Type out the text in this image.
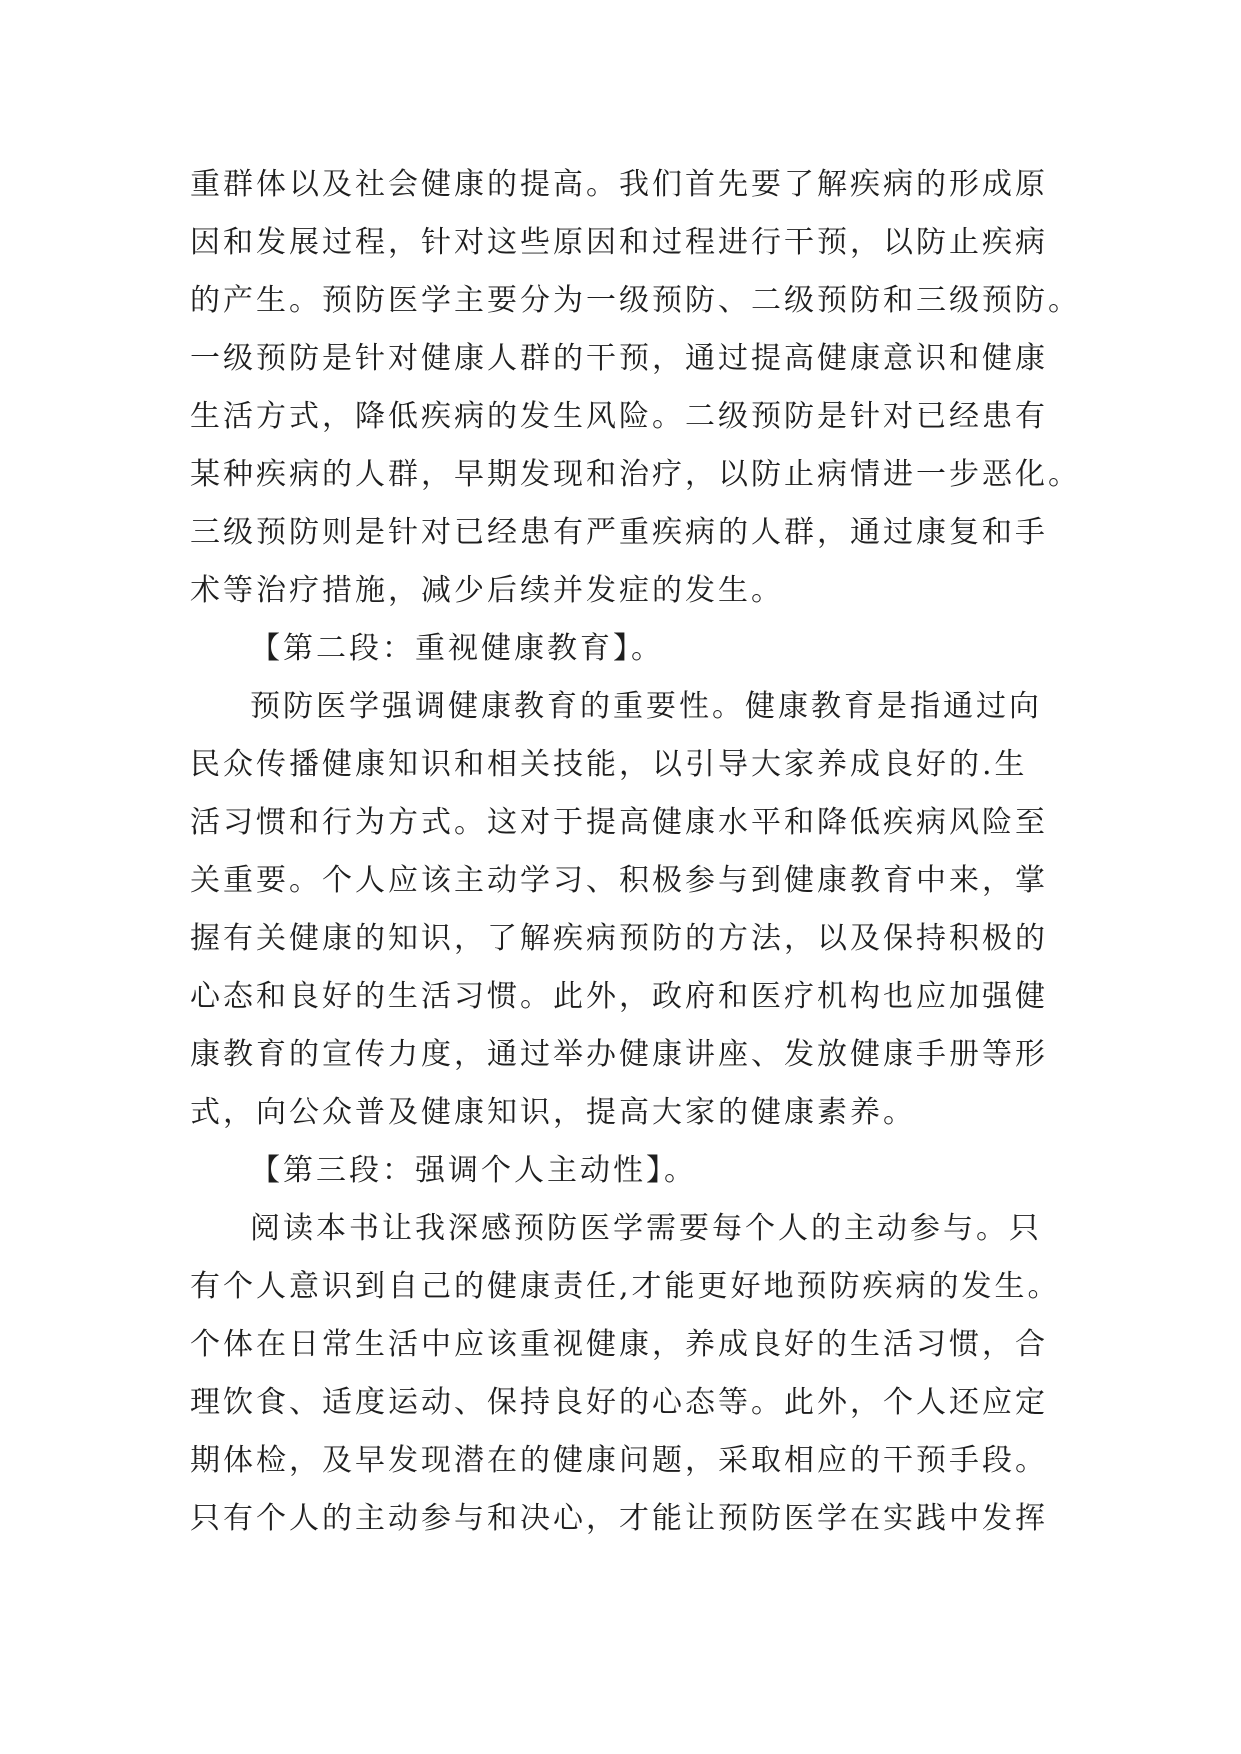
重群体以及社会健康的提高。我们首先要了解疾病的形成原
因和发展过程，针对这些原因和过程进行干预，以防止疾病
的产生。预防医学主要分为一级预防、二级预防和三级预防。
一级预防是针对健康人群的干预，通过提高健康意识和健康
生活方式，降低疾病的发生风险。二级预防是针对已经患有
某种疾病的人群，早期发现和治疗，以防止病情进一步恶化。
三级预防则是针对已经患有严重疾病的人群，通过康复和手
术等治疗措施，减少后续并发症的发生。
【第二段：重视健康教育】。
预防医学强调健康教育的重要性。健康教育是指通过向
民众传播健康知识和相关技能，以引导大家养成良好的.生
活习惯和行为方式。这对于提高健康水平和降低疾病风险至
关重要。个人应该主动学习、积极参与到健康教育中来，掌
握有关健康的知识，了解疾病预防的方法，以及保持积极的
心态和良好的生活习惯。此外，政府和医疗机构也应加强健
康教育的宣传力度，通过举办健康讲座、发放健康手册等形
式，向公众普及健康知识，提高大家的健康素养。
【第三段：强调个人主动性】。
阅读本书让我深感预防医学需要每个人的主动参与。只
有个人意识到自己的健康责任,才能更好地预防疾病的发生。
个体在日常生活中应该重视健康，养成良好的生活习惯，合
理饮食、适度运动、保持良好的心态等。此外，个人还应定
期体检，及早发现潜在的健康问题，采取相应的干预手段。
只有个人的主动参与和决心，才能让预防医学在实践中发挥
